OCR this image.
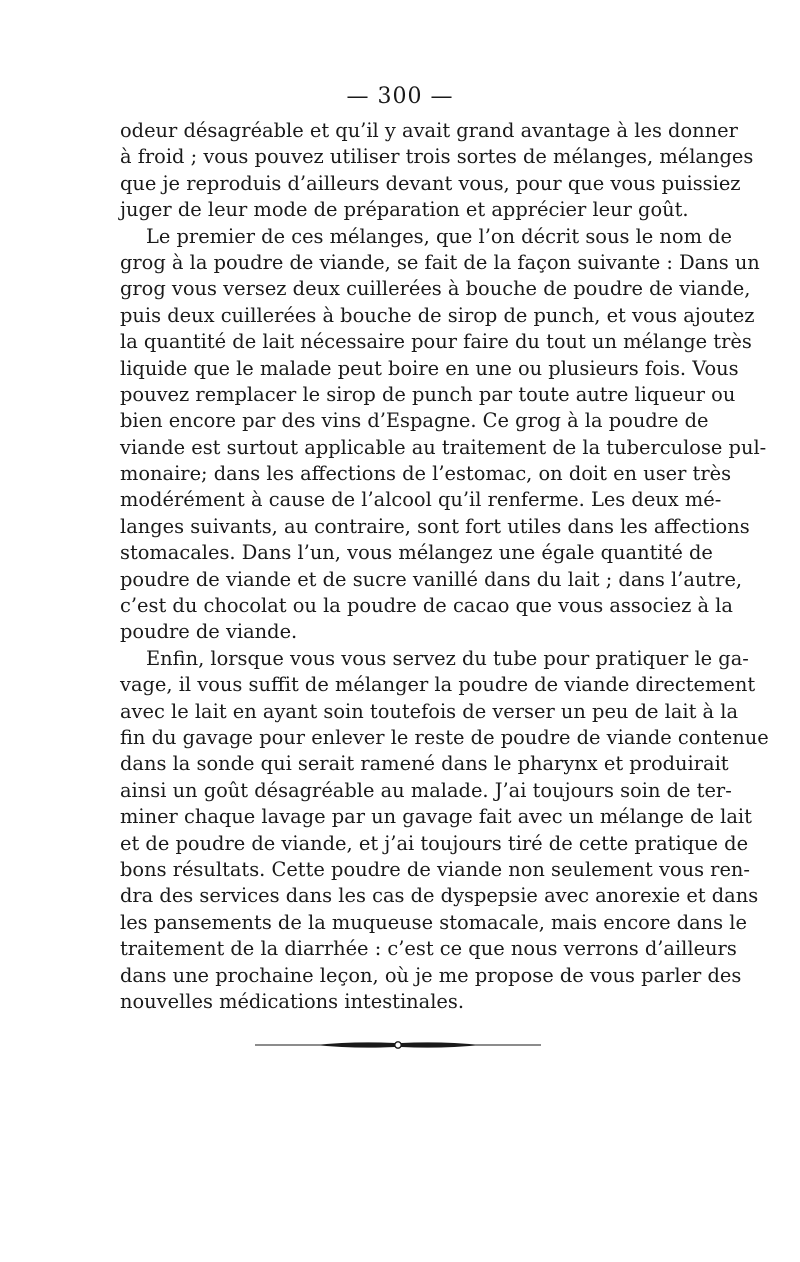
— 300 —
odeur désagréable et qu’il y avait grand avantage à les donner
à froid ; vous pouvez utiliser trois sortes de mélanges, mélanges
que je reproduis d’ailleurs devant vous, pour que vous puissiez
juger de leur mode de préparation et apprécier leur goût.
Le premier de ces mélanges, que l’on décrit sous le nom de
grog à la poudre de viande, se fait de la façon suivante : Dans un
grog vous versez deux cuillerées à bouche de poudre de viande,
puis deux cuillerées à bouche de sirop de punch, et vous ajoutez
la quantité de lait nécessaire pour faire du tout un mélange très
liquide que le malade peut boire en une ou plusieurs fois. Vous
pouvez remplacer le sirop de punch par toute autre liqueur ou
bien encore par des vins d’Espagne. Ce grog à la poudre de
viande est surtout applicable au traitement de la tuberculose pul-
monaire; dans les affections de l’estomac, on doit en user très
modérément à cause de l’alcool qu’il renferme. Les deux mé-
langes suivants, au contraire, sont fort utiles dans les affections
stomacales. Dans l’un, vous mélangez une égale quantité de
poudre de viande et de sucre vanillé dans du lait ; dans l’autre,
c’est du chocolat ou la poudre de cacao que vous associez à la
poudre de viande.
Enfin, lorsque vous vous servez du tube pour pratiquer le ga-
vage, il vous suffit de mélanger la poudre de viande directement
avec le lait en ayant soin toutefois de verser un peu de lait à la
fin du gavage pour enlever le reste de poudre de viande contenue
dans la sonde qui serait ramené dans le pharynx et produirait
ainsi un goût désagréable au malade. J’ai toujours soin de ter-
miner chaque lavage par un gavage fait avec un mélange de lait
et de poudre de viande, et j’ai toujours tiré de cette pratique de
bons résultats. Cette poudre de viande non seulement vous ren-
dra des services dans les cas de dyspepsie avec anorexie et dans
les pansements de la muqueuse stomacale, mais encore dans le
traitement de la diarrhée : c’est ce que nous verrons d’ailleurs
dans une prochaine leçon, où je me propose de vous parler des
nouvelles médications intestinales.
